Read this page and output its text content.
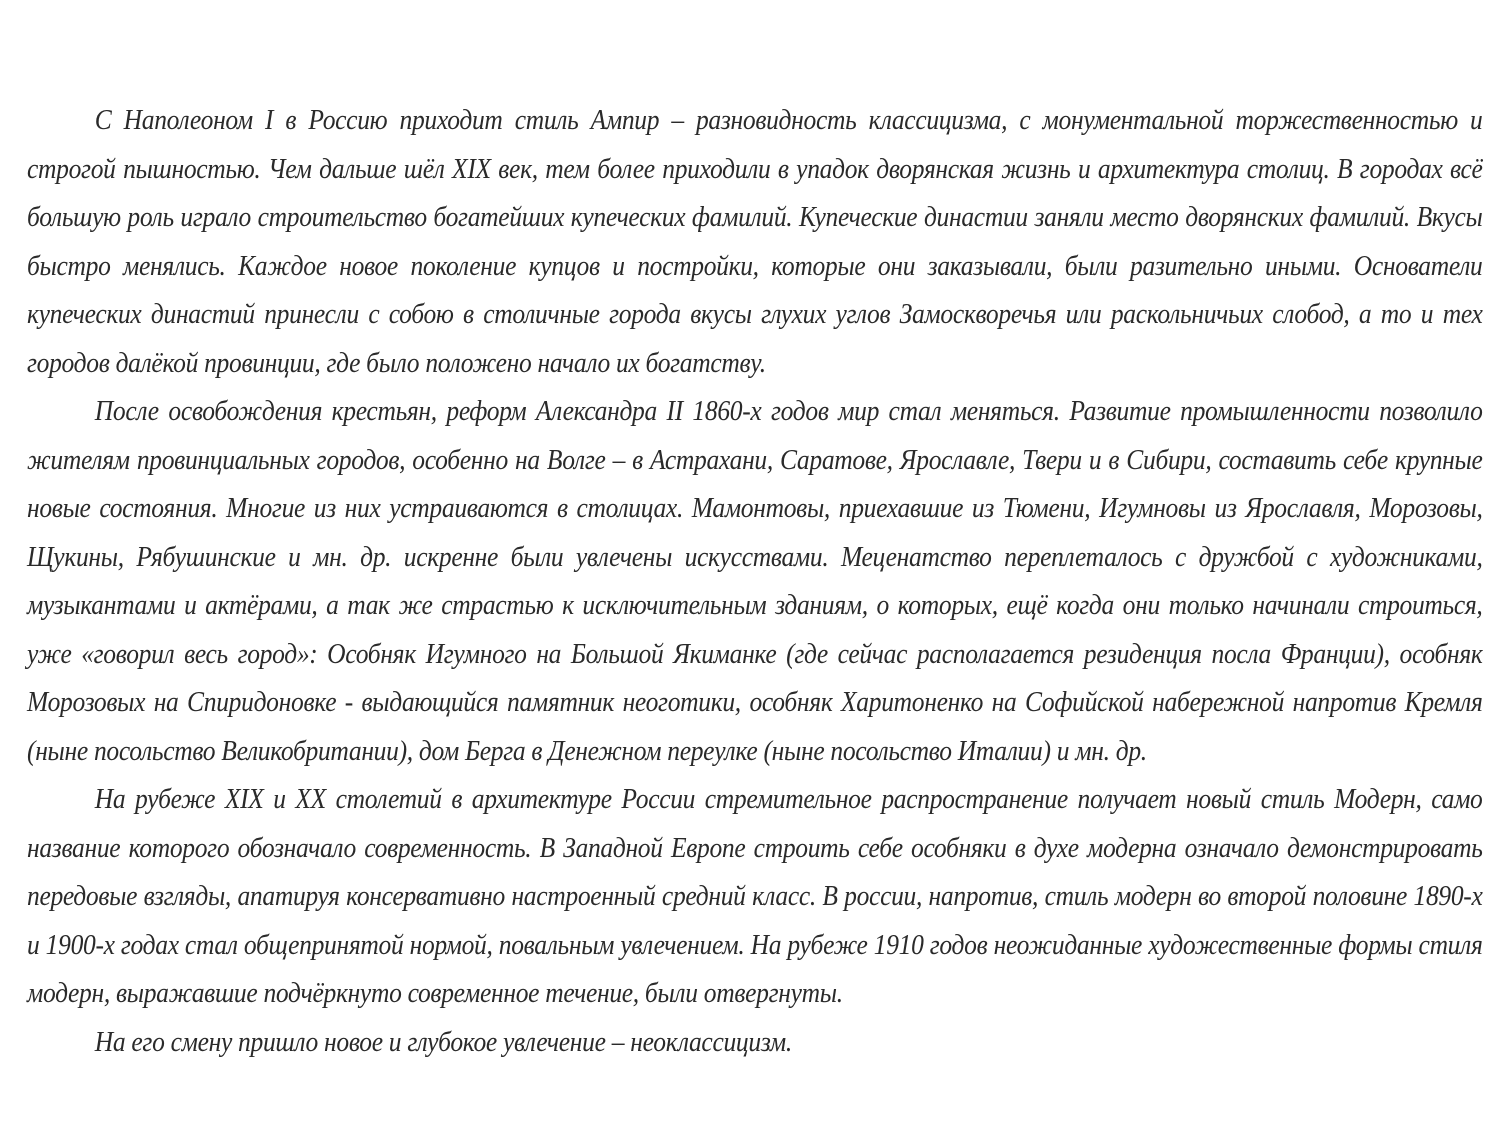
С Наполеоном I в Россию приходит стиль Ампир – разновидность классицизма, с монументальной торжественностью и строгой пышностью. Чем дальше шёл XIX век, тем более приходили в упадок дворянская жизнь и архитектура столиц. В городах всё большую роль играло строительство богатейших купеческих фамилий. Купеческие династии заняли место дворянских фамилий. Вкусы быстро менялись. Каждое новое поколение купцов и постройки, которые они заказывали, были разительно иными. Основатели купеческих династий принесли с собою в столичные города вкусы глухих углов Замоскворечья или раскольничьих слобод, а то и тех городов далёкой провинции, где было положено начало их богатству.

После освобождения крестьян, реформ Александра II 1860-х годов мир стал меняться. Развитие промышленности позволило жителям провинциальных городов, особенно на Волге – в Астрахани, Саратове, Ярославле, Твери и в Сибири, составить себе крупные новые состояния. Многие из них устраиваются в столицах. Мамонтовы, приехавшие из Тюмени, Игумновы из Ярославля, Морозовы, Щукины, Рябушинские и мн. др. искренне были увлечены искусствами. Меценатство переплеталось с дружбой с художниками, музыкантами и актёрами, а так же страстью к исключительным зданиям, о которых, ещё когда они только начинали строиться, уже «говорил весь город»: Особняк Игумного на Большой Якиманке (где сейчас располагается резиденция посла Франции), особняк Морозовых на Спиридоновке - выдающийся памятник неоготики, особняк Харитоненко на Софийской набережной напротив Кремля (ныне посольство Великобритании), дом Берга в Денежном переулке (ныне посольство Италии) и мн. др.

На рубеже XIX и XX столетий в архитектуре России стремительное распространение получает новый стиль Модерн, само название которого обозначало современность. В Западной Европе строить себе особняки в духе модерна означало демонстрировать передовые взгляды, апатируя консервативно настроенный средний класс. В россии, напротив, стиль модерн во второй половине 1890-х и 1900-х годах стал общепринятой нормой, повальным увлечением. На рубеже 1910 годов неожиданные художественные формы стиля модерн, выражавшие подчёркнуто современное течение, были отвергнуты.

На его смену пришло новое и глубокое увлечение – неоклассицизм.
